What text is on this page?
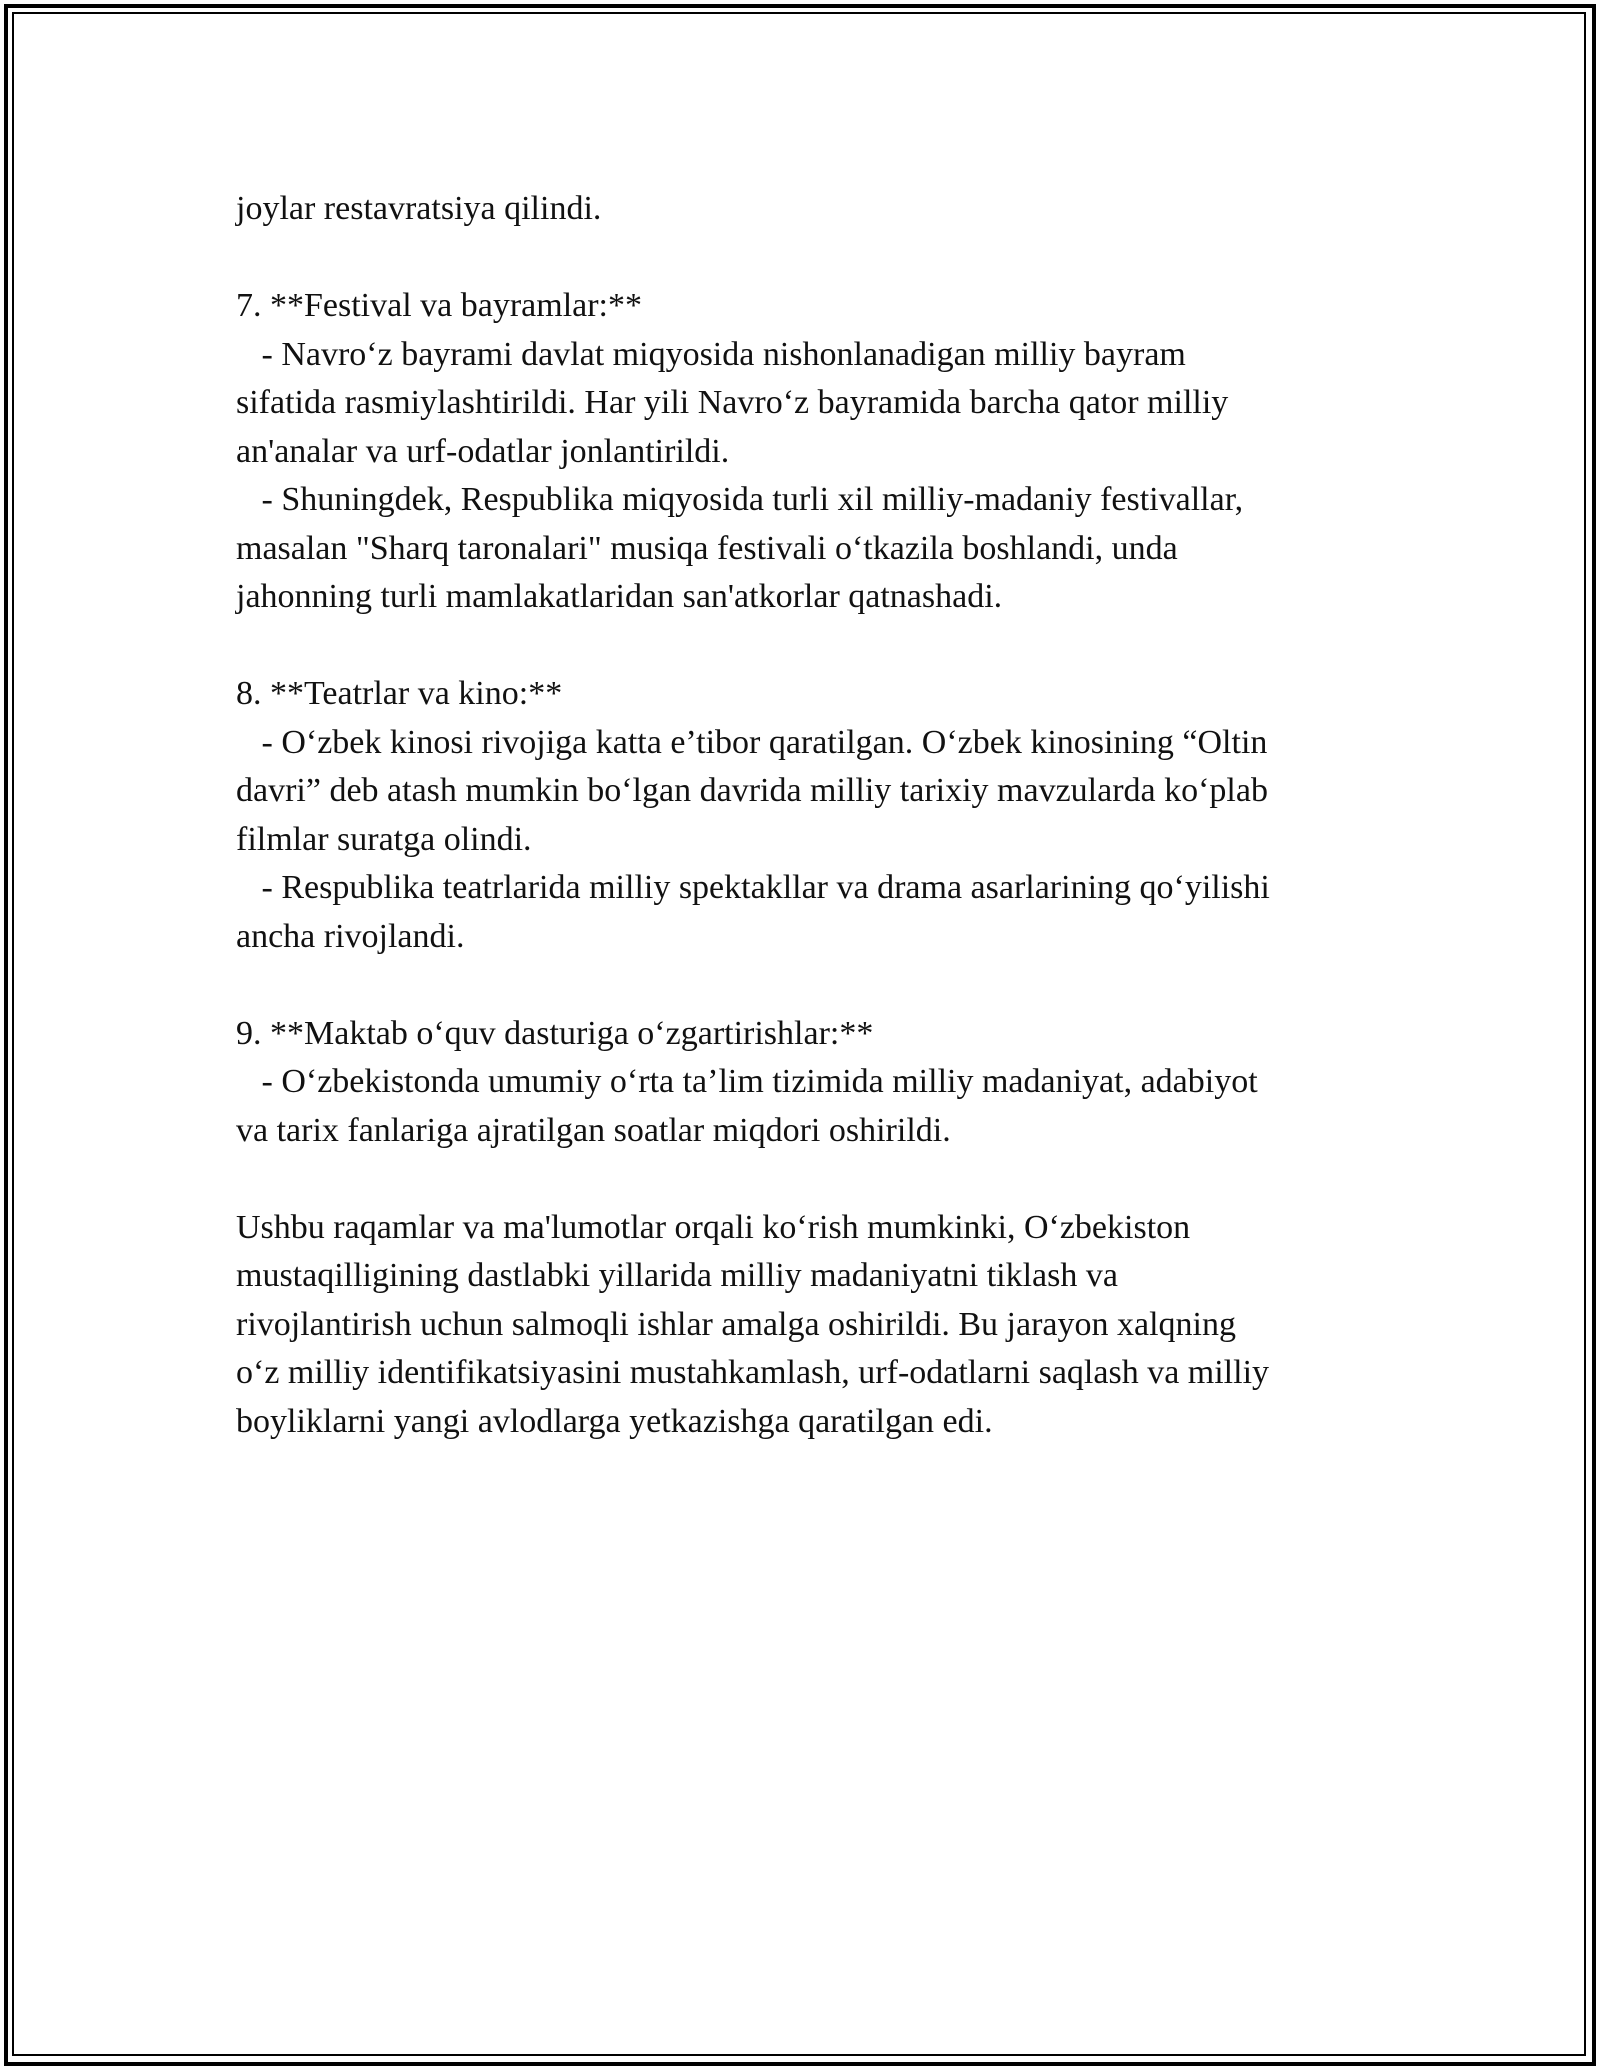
joylar restavratsiya qilindi.

7. **Festival va bayramlar:**

- Navro‘z bayrami davlat miqyosida nishonlanadigan milliy bayram

sifatida rasmiylashtirildi. Har yili Navro‘z bayramida barcha qator milliy

an'analar va urf-odatlar jonlantirildi.

- Shuningdek, Respublika miqyosida turli xil milliy-madaniy festivallar,

masalan "Sharq taronalari" musiqa festivali o‘tkazila boshlandi, unda

jahonning turli mamlakatlaridan san'atkorlar qatnashadi.

8. **Teatrlar va kino:**

- O‘zbek kinosi rivojiga katta e’tibor qaratilgan. O‘zbek kinosining “Oltin

davri” deb atash mumkin bo‘lgan davrida milliy tarixiy mavzularda ko‘plab

filmlar suratga olindi.

- Respublika teatrlarida milliy spektakllar va drama asarlarining qo‘yilishi

ancha rivojlandi.

9. **Maktab o‘quv dasturiga o‘zgartirishlar:**

- O‘zbekistonda umumiy o‘rta ta’lim tizimida milliy madaniyat, adabiyot

va tarix fanlariga ajratilgan soatlar miqdori oshirildi.

Ushbu raqamlar va ma'lumotlar orqali ko‘rish mumkinki, O‘zbekiston

mustaqilligining dastlabki yillarida milliy madaniyatni tiklash va

rivojlantirish uchun salmoqli ishlar amalga oshirildi. Bu jarayon xalqning

o‘z milliy identifikatsiyasini mustahkamlash, urf-odatlarni saqlash va milliy

boyliklarni yangi avlodlarga yetkazishga qaratilgan edi.
